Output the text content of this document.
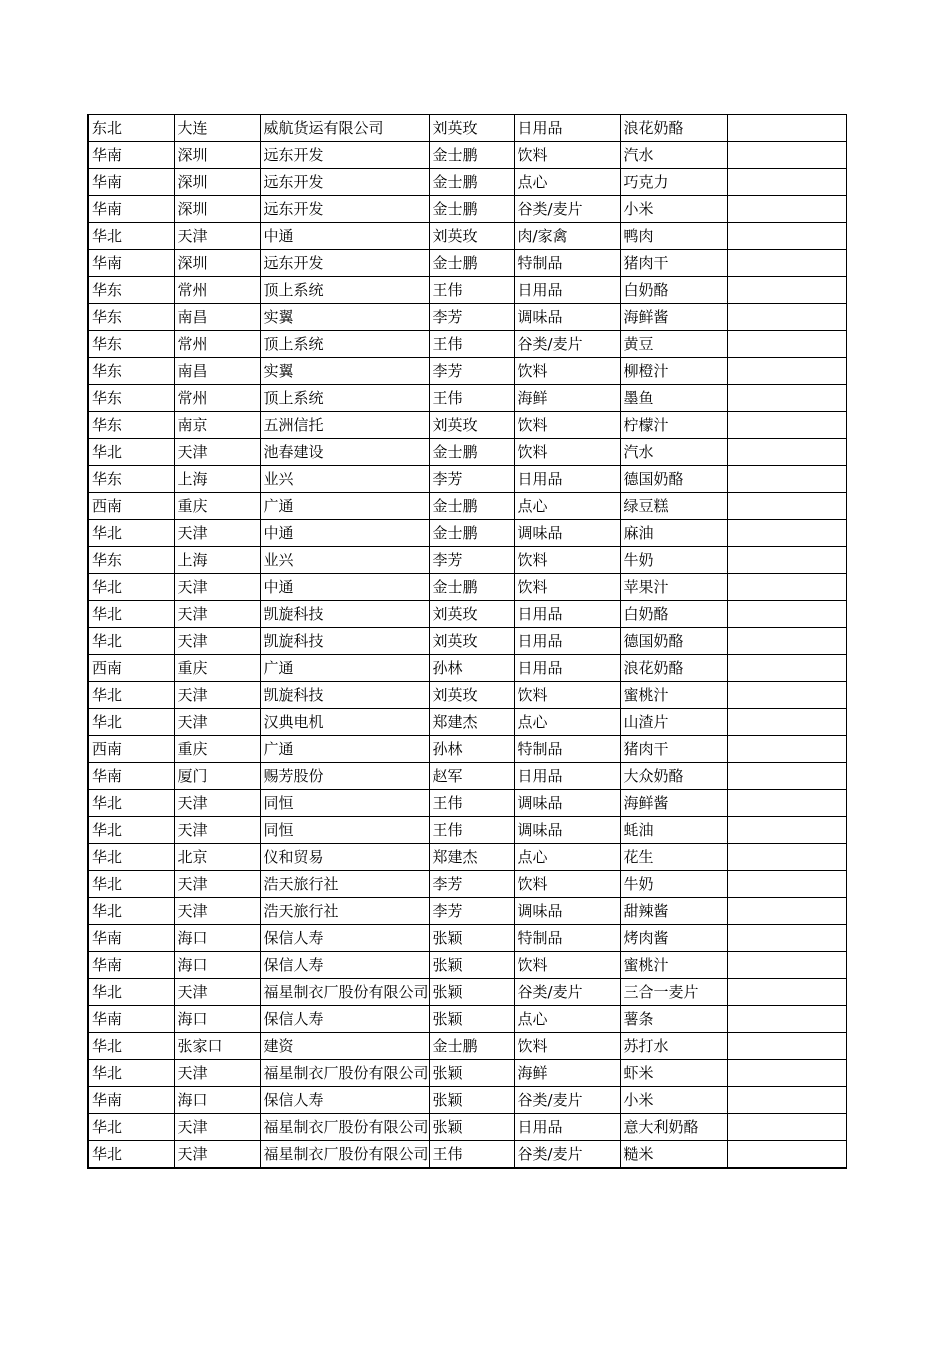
东北	大连	威航货运有限公司	刘英玫	日用品	浪花奶酪	
华南	深圳	远东开发	金士鹏	饮料	汽水	
华南	深圳	远东开发	金士鹏	点心	巧克力	
华南	深圳	远东开发	金士鹏	谷类/麦片	小米	
华北	天津	中通	刘英玫	肉/家禽	鸭肉	
华南	深圳	远东开发	金士鹏	特制品	猪肉干	
华东	常州	顶上系统	王伟	日用品	白奶酪	
华东	南昌	实翼	李芳	调味品	海鲜酱	
华东	常州	顶上系统	王伟	谷类/麦片	黄豆	
华东	南昌	实翼	李芳	饮料	柳橙汁	
华东	常州	顶上系统	王伟	海鲜	墨鱼	
华东	南京	五洲信托	刘英玫	饮料	柠檬汁	
华北	天津	池春建设	金士鹏	饮料	汽水	
华东	上海	业兴	李芳	日用品	德国奶酪	
西南	重庆	广通	金士鹏	点心	绿豆糕	
华北	天津	中通	金士鹏	调味品	麻油	
华东	上海	业兴	李芳	饮料	牛奶	
华北	天津	中通	金士鹏	饮料	苹果汁	
华北	天津	凯旋科技	刘英玫	日用品	白奶酪	
华北	天津	凯旋科技	刘英玫	日用品	德国奶酪	
西南	重庆	广通	孙林	日用品	浪花奶酪	
华北	天津	凯旋科技	刘英玫	饮料	蜜桃汁	
华北	天津	汉典电机	郑建杰	点心	山渣片	
西南	重庆	广通	孙林	特制品	猪肉干	
华南	厦门	赐芳股份	赵军	日用品	大众奶酪	
华北	天津	同恒	王伟	调味品	海鲜酱	
华北	天津	同恒	王伟	调味品	蚝油	
华北	北京	仪和贸易	郑建杰	点心	花生	
华北	天津	浩天旅行社	李芳	饮料	牛奶	
华北	天津	浩天旅行社	李芳	调味品	甜辣酱	
华南	海口	保信人寿	张颖	特制品	烤肉酱	
华南	海口	保信人寿	张颖	饮料	蜜桃汁	
华北	天津	福星制衣厂股份有限公司	张颖	谷类/麦片	三合一麦片	
华南	海口	保信人寿	张颖	点心	薯条	
华北	张家口	建资	金士鹏	饮料	苏打水	
华北	天津	福星制衣厂股份有限公司	张颖	海鲜	虾米	
华南	海口	保信人寿	张颖	谷类/麦片	小米	
华北	天津	福星制衣厂股份有限公司	张颖	日用品	意大利奶酪	
华北	天津	福星制衣厂股份有限公司	王伟	谷类/麦片	糙米	
